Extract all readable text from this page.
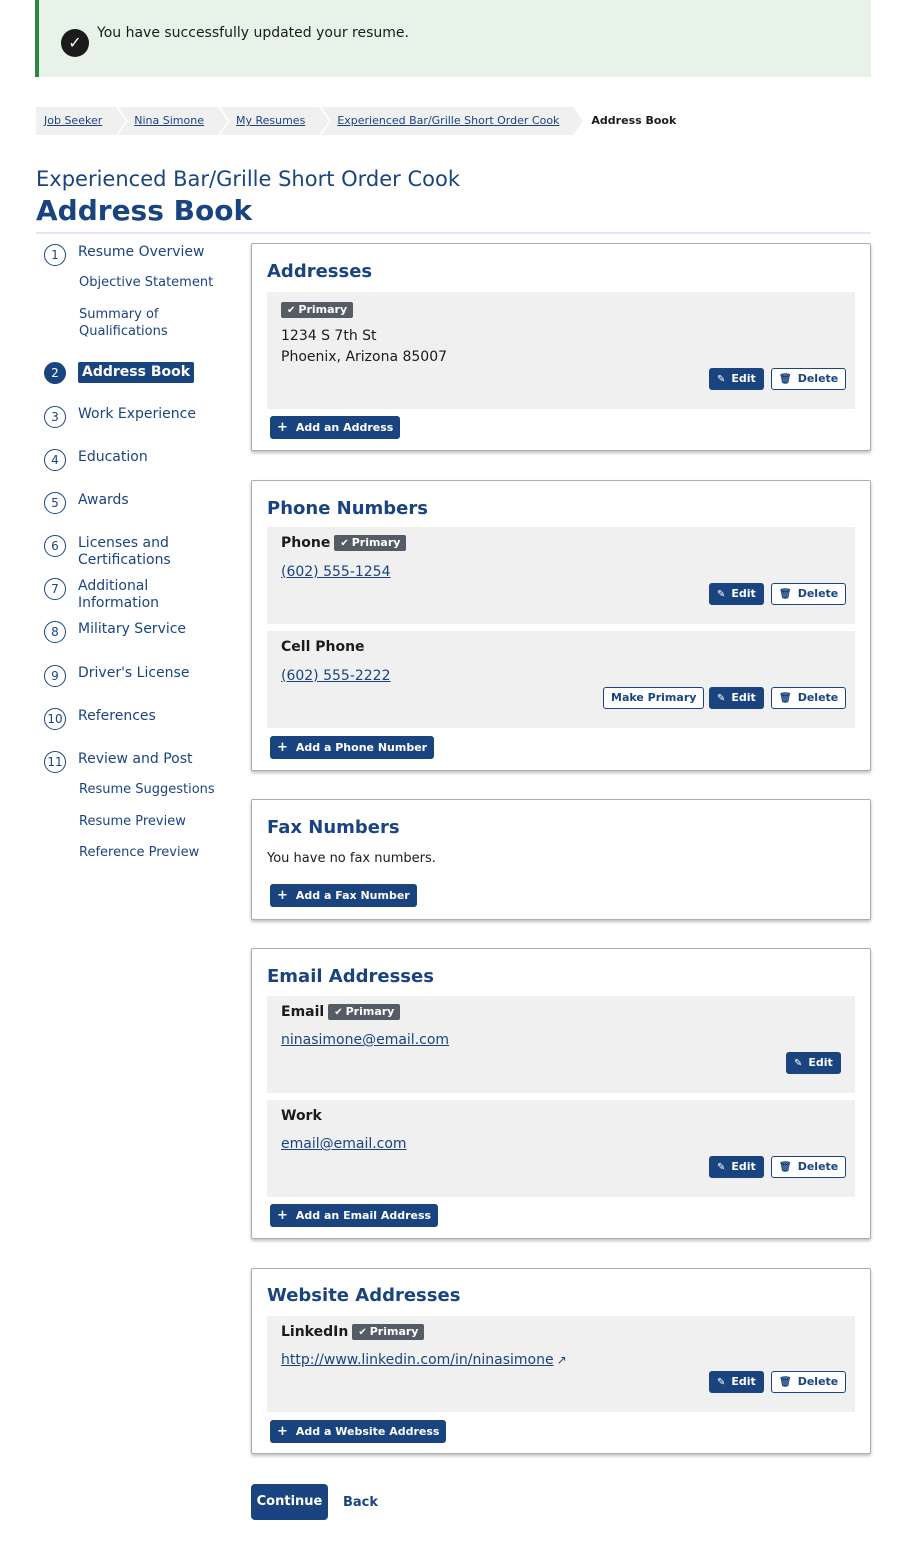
✓	You have successfully updated your resume.
Job Seeker	Nina Simone	My Resumes	Experienced Bar/Grille Short Order Cook	Address Book
Experienced Bar/Grille Short Order Cook
Address Book
1	Resume Overview
Objective Statement
Summary of Qualifications
2	Address Book
3	Work Experience
4	Education
5	Awards
6	Licenses and Certifications
7	Additional Information
8	Military Service
9	Driver's License
10 References
11 Review and Post
Resume Suggestions
Resume Preview
Reference Preview
Addresses
✔ Primary
1234 S 7th St
Phoenix, Arizona 85007
✎ Edit	🗑 Delete
+ Add an Address
Phone Numbers
Phone ✔ Primary
(602) 555-1254
✎ Edit	🗑 Delete
Cell Phone
(602) 555-2222
Make Primary	✎ Edit	🗑 Delete
+ Add a Phone Number
Fax Numbers
You have no fax numbers.
+ Add a Fax Number
Email Addresses
Email ✔ Primary
ninasimone@email.com
✎ Edit
Work
email@email.com
✎ Edit	🗑 Delete
+ Add an Email Address
Website Addresses
LinkedIn ✔ Primary
http://www.linkedin.com/in/ninasimone ↗
✎ Edit	🗑 Delete
+ Add a Website Address
Continue	Back
